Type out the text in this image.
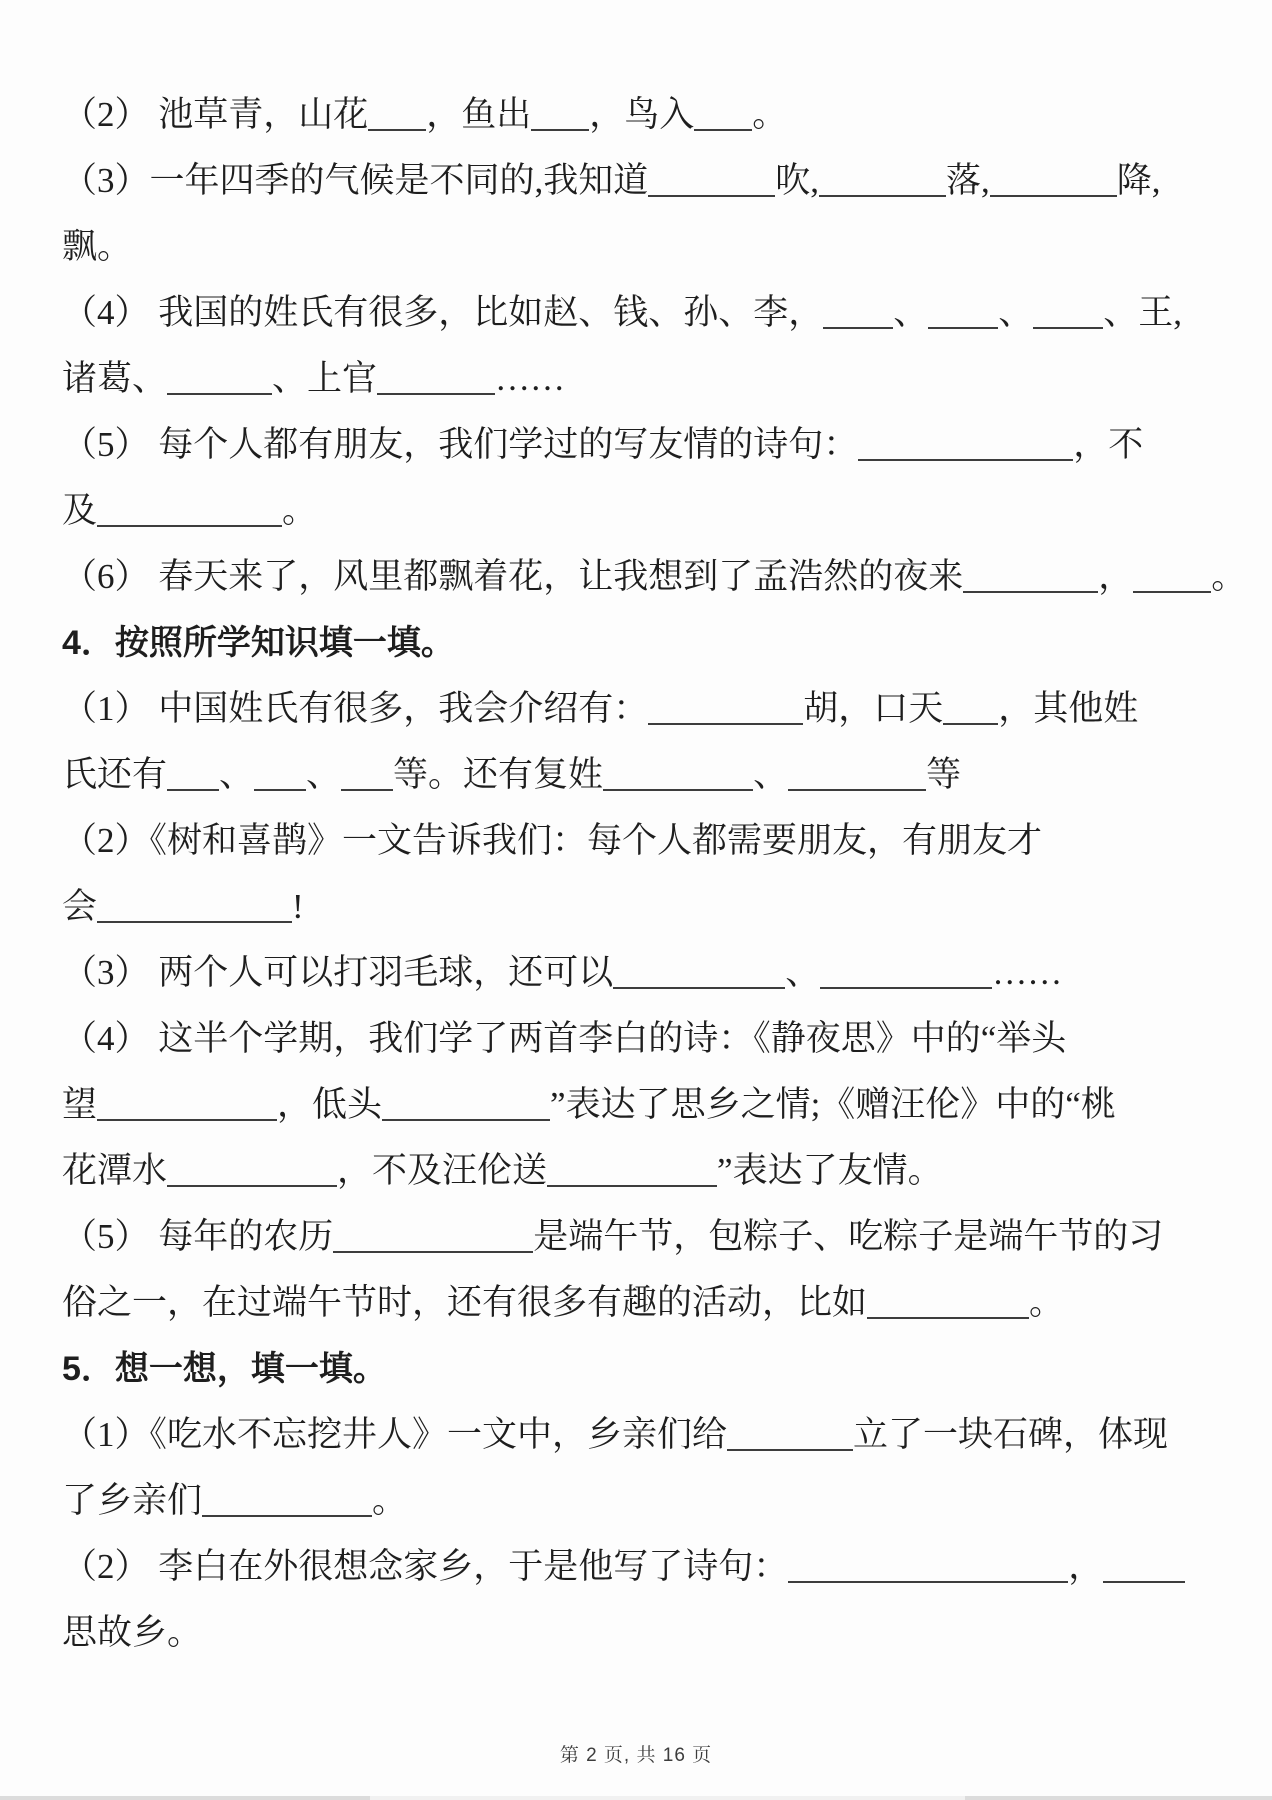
（2） 池草青，山花 ，鱼出 ，鸟入 。
（3）一年四季的气候是不同的,我知道	吹,	落,	降,
飘。
（4） 我国的姓氏有很多，比如赵、钱、孙、李， 、 、 、王,
诸葛、	、上官	……
（5） 每个人都有朋友，我们学过的写友情的诗句：	，不
及	。
（6） 春天来了，风里都飘着花，让我想到了孟浩然的夜来	， 。
4．按照所学知识填一填。
（1） 中国姓氏有很多，我会介绍有：	胡，口天 ，其他姓
氏还有 、 、 等。还有复姓	、	等
（2）《树和喜鹊》一文告诉我们：每个人都需要朋友，有朋友才
会	!
（3） 两个人可以打羽毛球，还可以	、	……
（4） 这半个学期，我们学了两首李白的诗：《静夜思》中的“举头
望	，低头	”表达了思乡之情;《赠汪伦》中的“桃
花潭水	，不及汪伦送	”表达了友情。
（5） 每年的农历	是端午节，包粽子、吃粽子是端午节的习
俗之一，在过端午节时，还有很多有趣的活动，比如	。
5．想一想，填一填。
（1）《吃水不忘挖井人》一文中，乡亲们给	立了一块石碑，体现
了乡亲们	。
（2） 李白在外很想念家乡，于是他写了诗句：	，
思故乡。
第 2 页, 共 16 页
